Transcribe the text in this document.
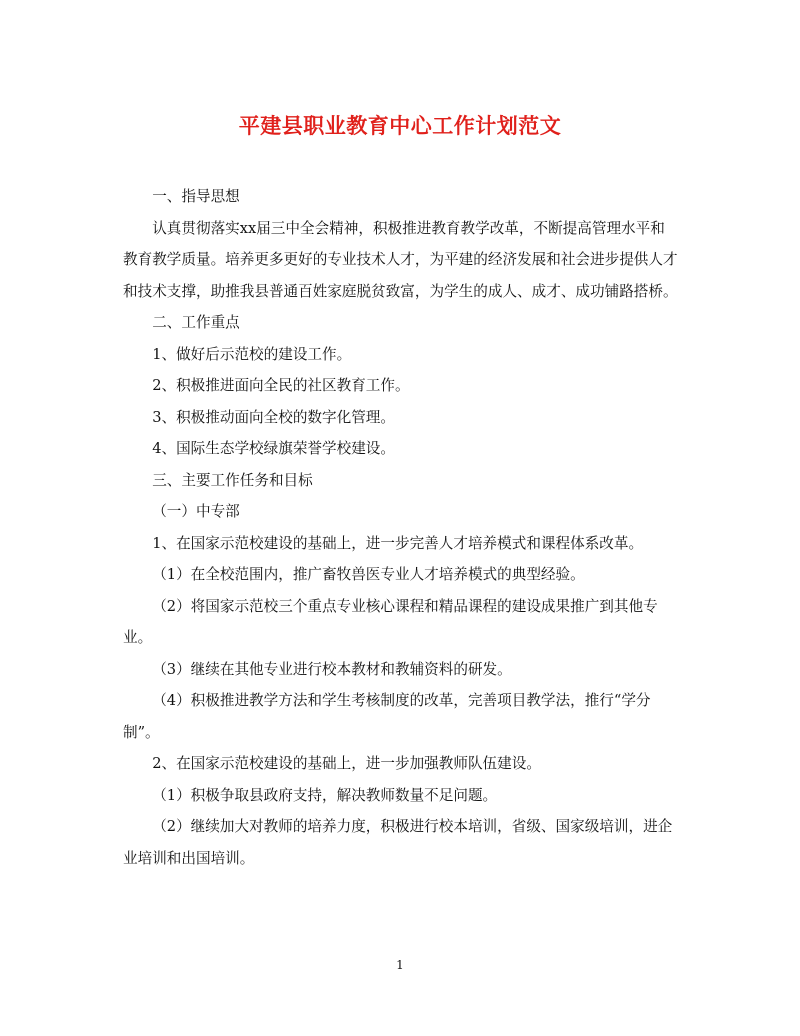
平建县职业教育中心工作计划范文

一、指导思想

认真贯彻落实xx届三中全会精神，积极推进教育教学改革，不断提高管理水平和教育教学质量。培养更多更好的专业技术人才，为平建的经济发展和社会进步提供人才和技术支撑，助推我县普通百姓家庭脱贫致富，为学生的成人、成才、成功铺路搭桥。

二、工作重点

1、做好后示范校的建设工作。

2、积极推进面向全民的社区教育工作。

3、积极推动面向全校的数字化管理。

4、国际生态学校绿旗荣誉学校建设。

三、主要工作任务和目标

（一）中专部

1、在国家示范校建设的基础上，进一步完善人才培养模式和课程体系改革。

（1）在全校范围内，推广畜牧兽医专业人才培养模式的典型经验。

（2）将国家示范校三个重点专业核心课程和精品课程的建设成果推广到其他专业。

（3）继续在其他专业进行校本教材和教辅资料的研发。

（4）积极推进教学方法和学生考核制度的改革，完善项目教学法，推行“学分制”。

2、在国家示范校建设的基础上，进一步加强教师队伍建设。

（1）积极争取县政府支持，解决教师数量不足问题。

（2）继续加大对教师的培养力度，积极进行校本培训，省级、国家级培训，进企业培训和出国培训。

1
